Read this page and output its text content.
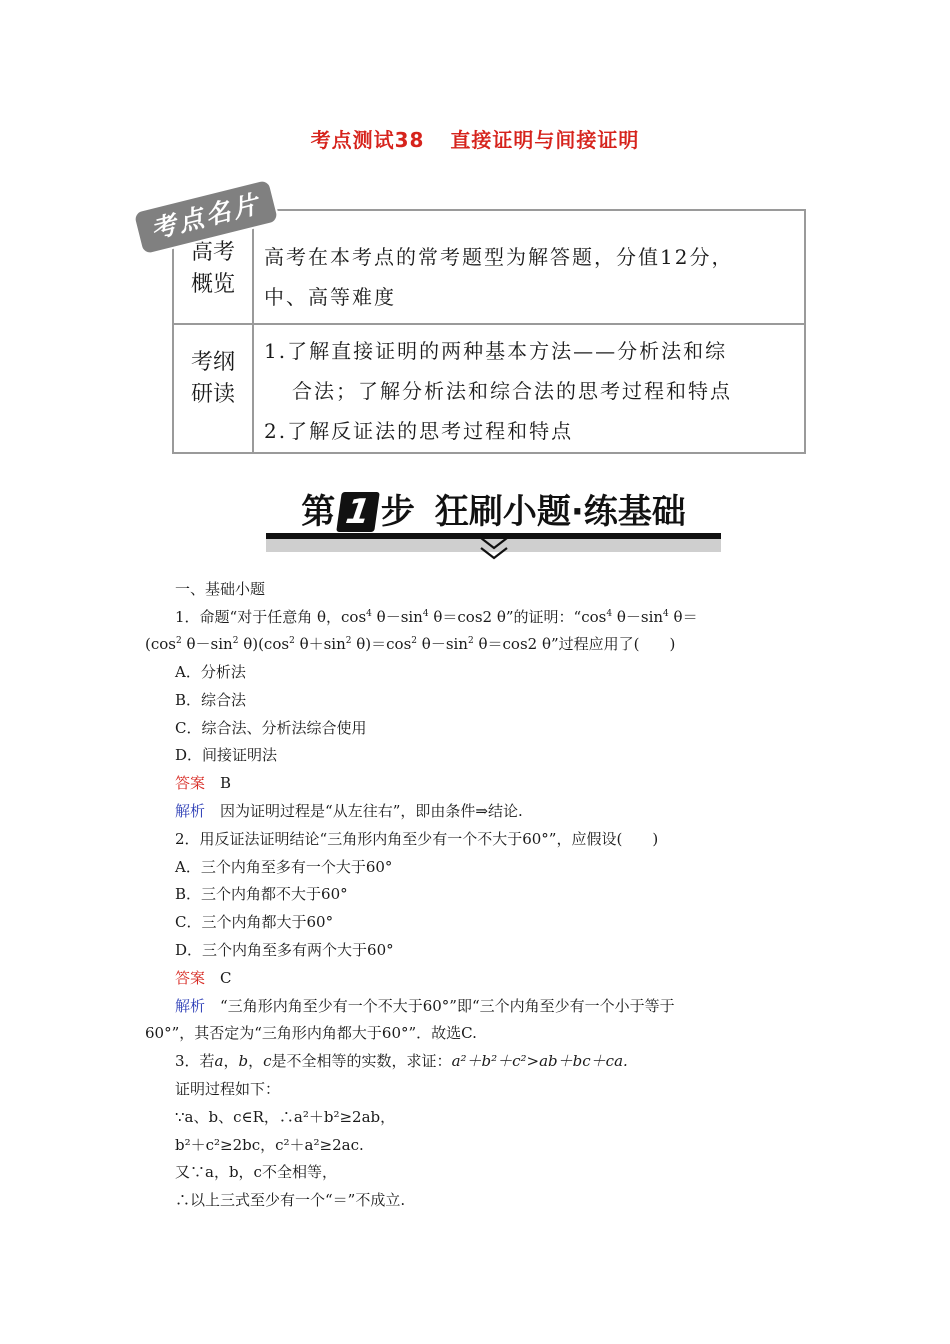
考点测试38 直接证明与间接证明
高考
概览
高考在本考点的常考题型为解答题，分值12分，
中、高等难度
考纲
研读
1.了解直接证明的两种基本方法——分析法和综
合法；了解分析法和综合法的思考过程和特点
2.了解反证法的思考过程和特点
考点名片
第 1 步 狂刷小题·练基础
一、基础小题
1．命题“对于任意角 θ，$\cos^4 \theta-\sin^4$ θ＝cos2 θ”的证明：“$\cos^4$ $\theta-\sin^4$ θ＝
($\cos^2$ $\theta-\sin^2$ $\theta)(\cos^2$ $\theta+\sin^2$ $\theta)=\cos^2$ $\theta-\sin^2$ θ＝cos2 θ”过程应用了(　　)
A．分析法
B．综合法
C．综合法、分析法综合使用
D．间接证明法
答案　 B
解析　 因为证明过程是“从左往右”，即由条件⇒结论.
2．用反证法证明结论“三角形内角至少有一个不大于60°”，应假设(　　)
A．三个内角至多有一个大于60°
B．三个内角都不大于60°
C．三个内角都大于60°
D．三个内角至多有两个大于60°
答案　 C
解析　 “三角形内角至少有一个不大于60°”即“三个内角至少有一个小于等于
60°”，其否定为“三角形内角都大于60°”．故选C.
3．若a，b，c是不全相等的实数，求证：a²＋b²＋c²>ab＋bc＋ca.
证明过程如下：
∵a、b、c∈R，∴a²＋b²≥2ab，
b²＋c²≥2bc，c²＋a²≥2ac.
又∵a，b，c不全相等，
∴以上三式至少有一个“＝”不成立.
